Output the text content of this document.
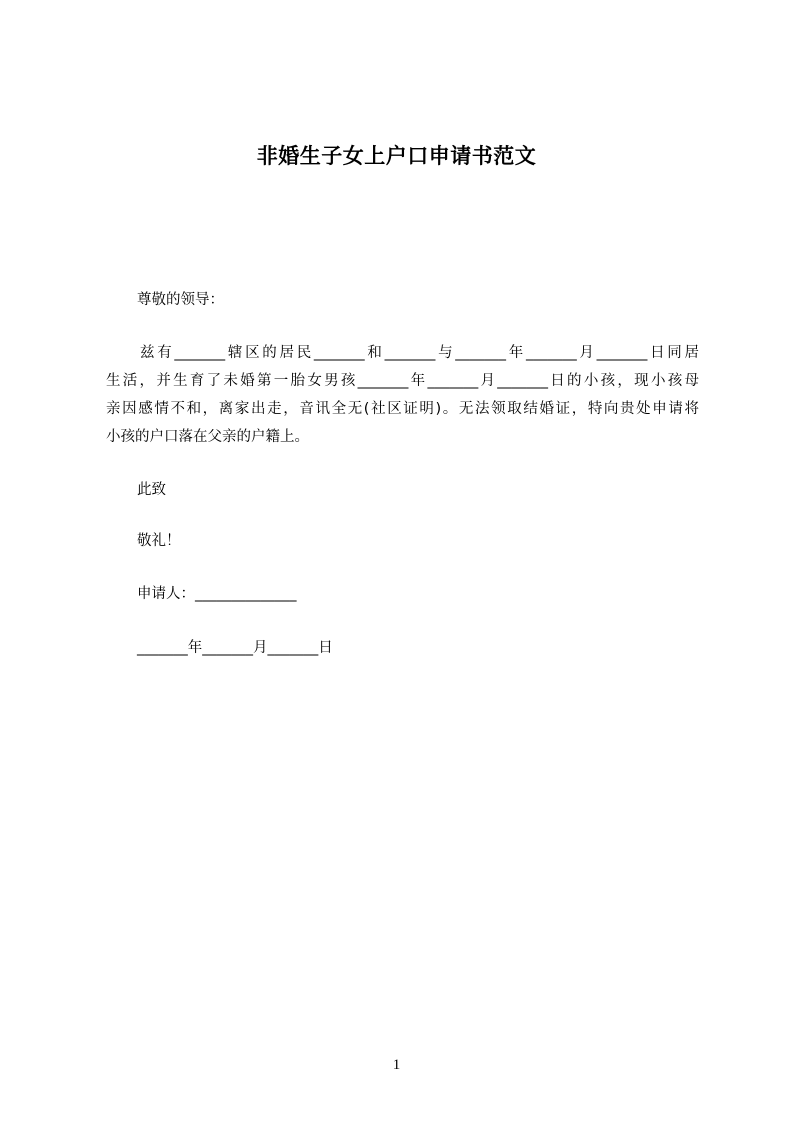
非婚生子女上户口申请书范文

尊敬的领导：

兹有_______辖区的居民_______和_______与_______年_______月_______日同居

生活，并生育了未婚第一胎女男孩_______年_______月_______日的小孩，现小孩母

亲因感情不和，离家出走，音讯全无(社区证明)。无法领取结婚证，特向贵处申请将

小孩的户口落在父亲的户籍上。

此致

敬礼！

申请人：______________

_______年_______月_______日

1
